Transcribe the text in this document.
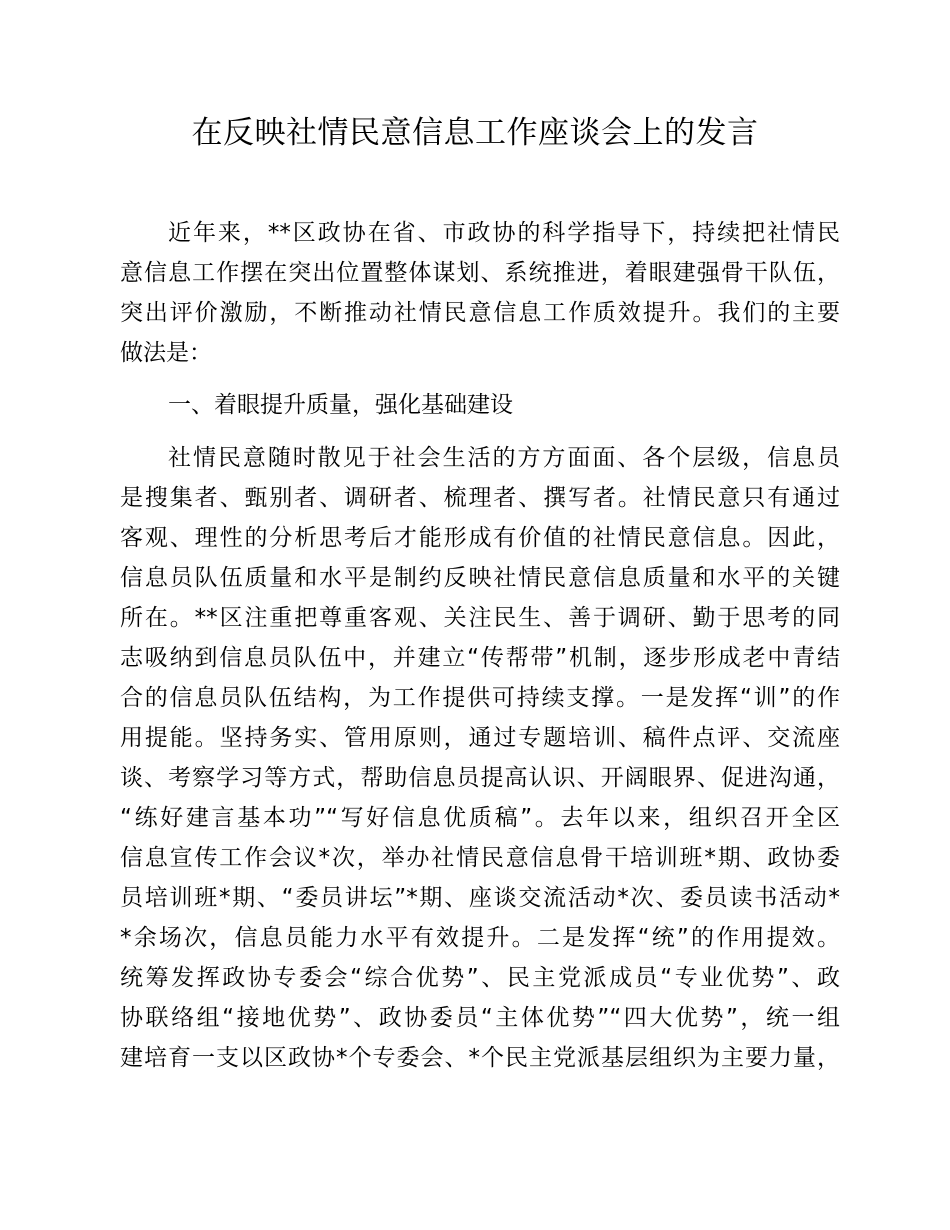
在反映社情民意信息工作座谈会上的发言
近年来，**区政协在省、市政协的科学指导下，持续把社情民
意信息工作摆在突出位置整体谋划、系统推进，着眼建强骨干队伍，
突出评价激励，不断推动社情民意信息工作质效提升。我们的主要
做法是：
一、着眼提升质量，强化基础建设
社情民意随时散见于社会生活的方方面面、各个层级，信息员
是搜集者、甄别者、调研者、梳理者、撰写者。社情民意只有通过
客观、理性的分析思考后才能形成有价值的社情民意信息。因此，
信息员队伍质量和水平是制约反映社情民意信息质量和水平的关键
所在。**区注重把尊重客观、关注民生、善于调研、勤于思考的同
志吸纳到信息员队伍中，并建立“传帮带”机制，逐步形成老中青结
合的信息员队伍结构，为工作提供可持续支撑。一是发挥“训”的作
用提能。坚持务实、管用原则，通过专题培训、稿件点评、交流座
谈、考察学习等方式，帮助信息员提高认识、开阔眼界、促进沟通，
“练好建言基本功”“写好信息优质稿”。去年以来，组织召开全区
信息宣传工作会议*次，举办社情民意信息骨干培训班*期、政协委
员培训班*期、“委员讲坛”*期、座谈交流活动*次、委员读书活动*
*余场次，信息员能力水平有效提升。二是发挥“统”的作用提效。
统筹发挥政协专委会“综合优势”、民主党派成员“专业优势”、政
协联络组“接地优势”、政协委员“主体优势”“四大优势”，统一组
建培育一支以区政协*个专委会、*个民主党派基层组织为主要力量，
